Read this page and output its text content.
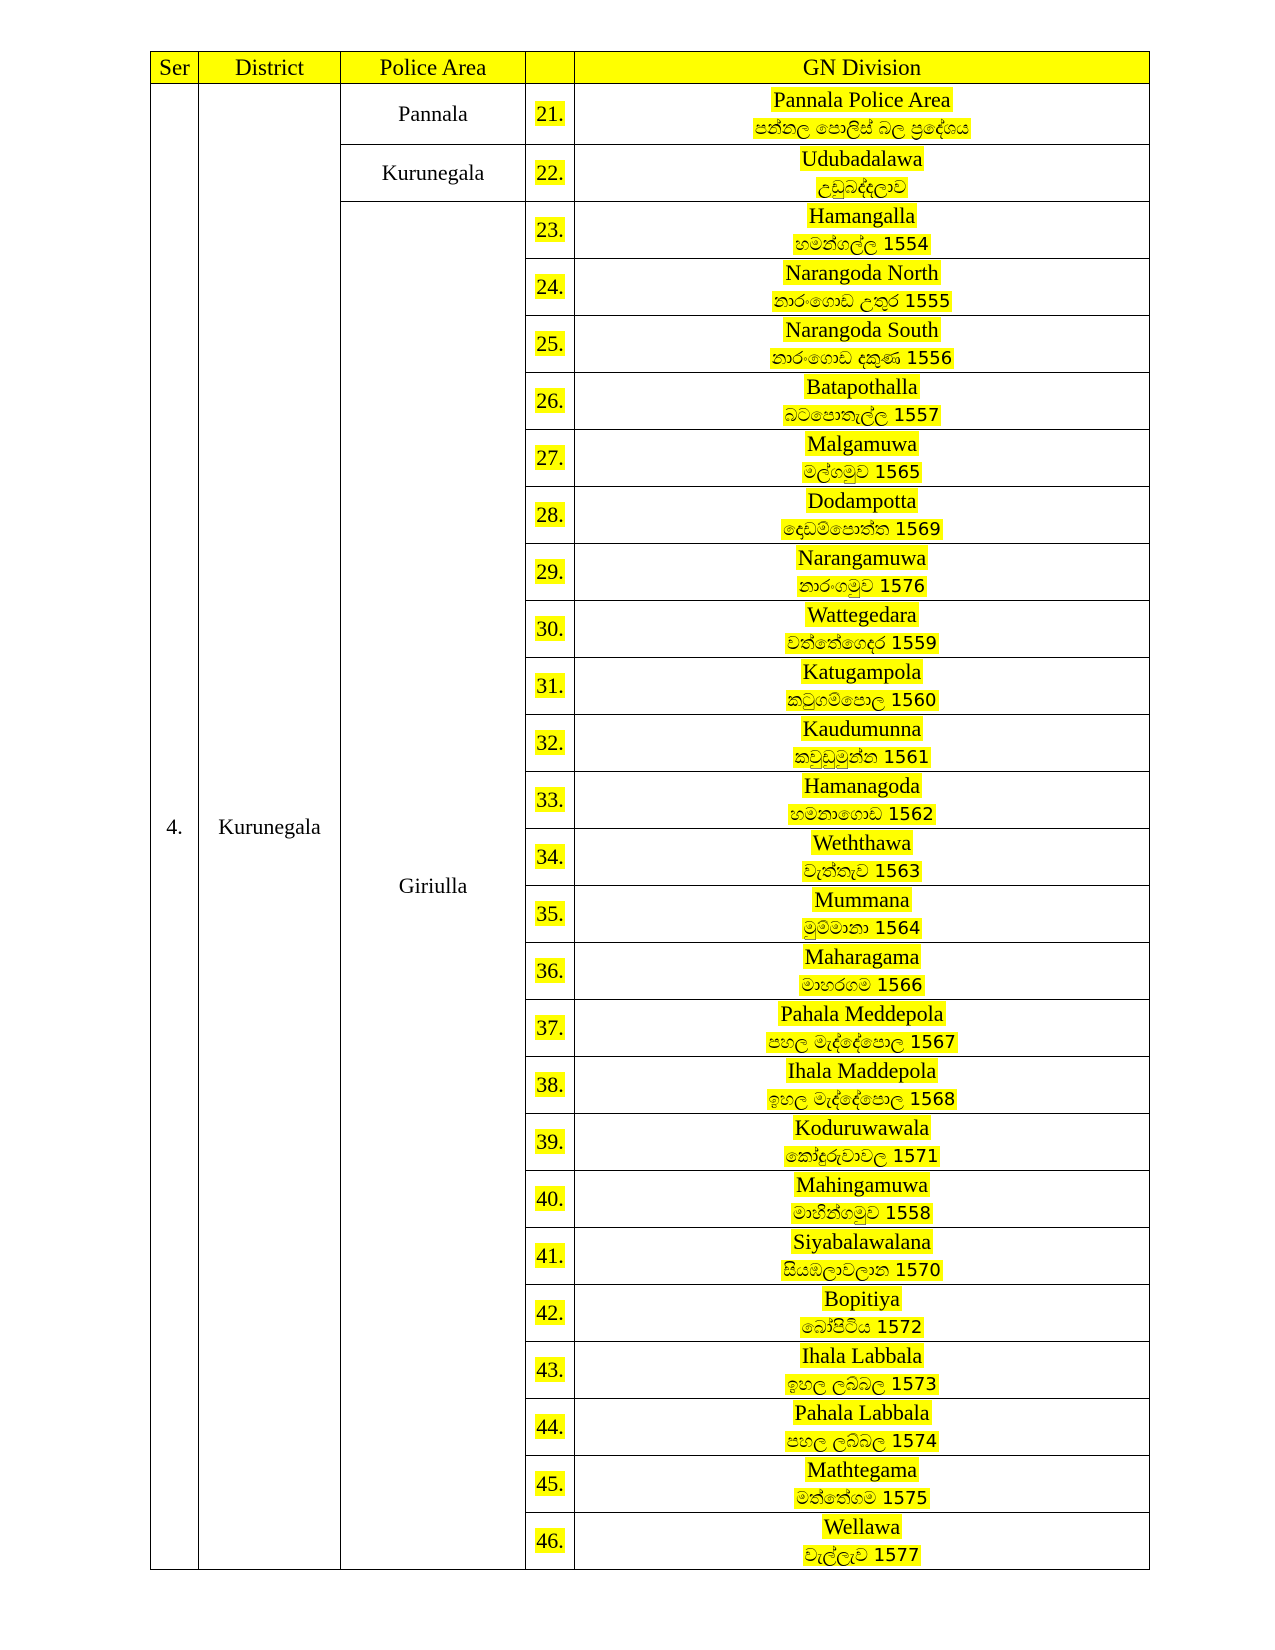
Ser	District	Police Area		GN Division
4.	Kurunegala	Pannala	21.	Pannala Police Area
පන්නල පොලිස් බල ප්‍රදේශය
		Kurunegala	22.	Udubadalawa
උඩුබද්දලාව
		Giriulla	23.	Hamangalla
හමන්ගල්ල 1554
			24.	Narangoda North
නාරංගොඩ උතුර 1555
			25.	Narangoda South
නාරංගොඩ දකුණ 1556
			26.	Batapothalla
බටපොතැල්ල 1557
			27.	Malgamuwa
මල්ගමුව 1565
			28.	Dodampotta
දොඩම්පොත්ත 1569
			29.	Narangamuwa
නාරංගමුව 1576
			30.	Wattegedara
වත්තේගෙදර 1559
			31.	Katugampola
කටුගම්පොල 1560
			32.	Kaudumunna
කවුඩුමුන්න 1561
			33.	Hamanagoda
හමනාගොඩ 1562
			34.	Weththawa
වැත්තැව 1563
			35.	Mummana
මුම්මානා 1564
			36.	Maharagama
මාහරගම 1566
			37.	Pahala Meddepola
පහල මැද්දේපොල 1567
			38.	Ihala Maddepola
ඉහල මැද්දේපොල 1568
			39.	Koduruwawala
කෝදුරුවාවල 1571
			40.	Mahingamuwa
මාහින්ගමුව 1558
			41.	Siyabalawalana
සියඹලාවලාන 1570
			42.	Bopitiya
බෝපිටිය 1572
			43.	Ihala Labbala
ඉහල ලබ්බල 1573
			44.	Pahala Labbala
පහල ලබ්බල 1574
			45.	Mathtegama
මත්තේගම 1575
			46.	Wellawa
වැල්ලැව 1577
